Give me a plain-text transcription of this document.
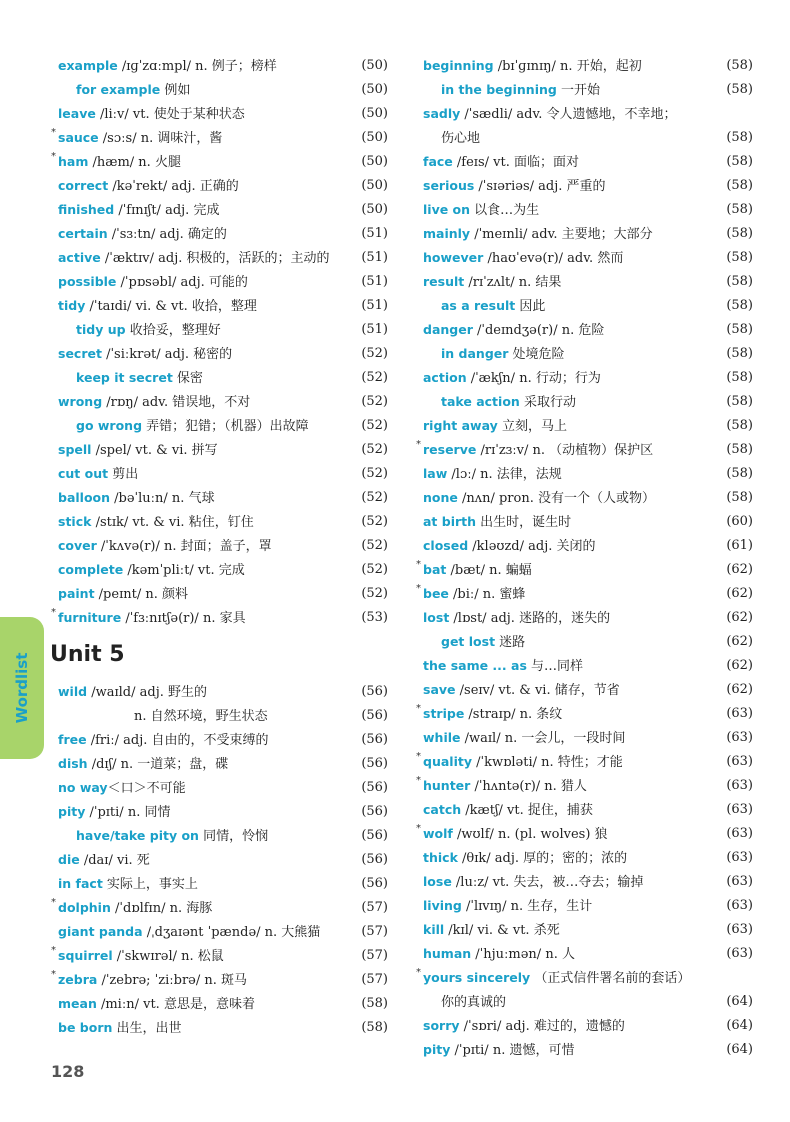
Wordlist
example /ɪɡˈzɑːmpl/ n. 例子；榜样	(50)
for example 例如	(50)
leave /liːv/ vt. 使处于某种状态	(50)
* sauce /sɔːs/ n. 调味汁，酱	(50)
* ham /hæm/ n. 火腿	(50)
correct /kəˈrekt/ adj. 正确的	(50)
finished /ˈfɪnɪʃt/ adj. 完成	(50)
certain /ˈsɜːtn/ adj. 确定的	(51)
active /ˈæktɪv/ adj. 积极的，活跃的；主动的 (51)
possible /ˈpɒsəbl/ adj. 可能的	(51)
tidy /ˈtaɪdi/ vi. & vt. 收拾，整理	(51)
tidy up 收拾妥，整理好	(51)
secret /ˈsiːkrət/ adj. 秘密的	(52)
keep it secret 保密	(52)
wrong /rɒŋ/ adv. 错误地，不对	(52)
go wrong 弄错；犯错；（机器）出故障	(52)
spell /spel/ vt. & vi. 拼写	(52)
cut out 剪出	(52)
balloon /bəˈluːn/ n. 气球	(52)
stick /stɪk/ vt. & vi. 粘住，钉住	(52)
cover /ˈkʌvə(r)/ n. 封面；盖子，罩	(52)
complete /kəmˈpliːt/ vt. 完成	(52)
paint /peɪnt/ n. 颜料	(52)
* furniture /ˈfɜːnɪtʃə(r)/ n. 家具	(53)
Unit 5
wild /waɪld/ adj. 野生的	(56)
n. 自然环境，野生状态	(56)
free /friː/ adj. 自由的，不受束缚的	(56)
dish /dɪʃ/ n. 一道菜；盘，碟	(56)
no way＜口＞不可能	(56)
pity /ˈpɪti/ n. 同情	(56)
have/take pity on 同情，怜悯	(56)
die /daɪ/ vi. 死	(56)
in fact 实际上，事实上	(56)
* dolphin /ˈdɒlfɪn/ n. 海豚	(57)
giant panda /ˌdʒaɪənt ˈpændə/ n. 大熊猫	(57)
* squirrel /ˈskwɪrəl/ n. 松鼠	(57)
* zebra /ˈzebrə; ˈziːbrə/ n. 斑马	(57)
mean /miːn/ vt. 意思是，意味着	(58)
be born 出生，出世	(58)
beginning /bɪˈɡɪnɪŋ/ n. 开始，起初	(58)
in the beginning 一开始	(58)
sadly /ˈsædli/ adv. 令人遗憾地，不幸地；
伤心地	(58)
face /feɪs/ vt. 面临；面对	(58)
serious /ˈsɪəriəs/ adj. 严重的	(58)
live on 以食…为生	(58)
mainly /ˈmeɪnli/ adv. 主要地；大部分	(58)
however /haʊˈevə(r)/ adv. 然而	(58)
result /rɪˈzʌlt/ n. 结果	(58)
as a result 因此	(58)
danger /ˈdeɪndʒə(r)/ n. 危险	(58)
in danger 处境危险	(58)
action /ˈækʃn/ n. 行动；行为	(58)
take action 采取行动	(58)
right away 立刻，马上	(58)
* reserve /rɪˈzɜːv/ n. （动植物）保护区	(58)
law /lɔː/ n. 法律，法规	(58)
none /nʌn/ pron. 没有一个（人或物）	(58)
at birth 出生时，诞生时	(60)
closed /kləʊzd/ adj. 关闭的	(61)
* bat /bæt/ n. 蝙蝠	(62)
* bee /biː/ n. 蜜蜂	(62)
lost /lɒst/ adj. 迷路的，迷失的	(62)
get lost 迷路	(62)
the same ... as 与…同样	(62)
save /seɪv/ vt. & vi. 储存，节省	(62)
* stripe /straɪp/ n. 条纹	(63)
while /waɪl/ n. 一会儿，一段时间	(63)
* quality /ˈkwɒləti/ n. 特性；才能	(63)
* hunter /ˈhʌntə(r)/ n. 猎人	(63)
catch /kætʃ/ vt. 捉住，捕获	(63)
* wolf /wʊlf/ n. (pl. wolves) 狼	(63)
thick /θɪk/ adj. 厚的；密的；浓的	(63)
lose /luːz/ vt. 失去，被…夺去；输掉	(63)
living /ˈlɪvɪŋ/ n. 生存，生计	(63)
kill /kɪl/ vi. & vt. 杀死	(63)
human /ˈhjuːmən/ n. 人	(63)
* yours sincerely （正式信件署名前的套话）
你的真诚的	(64)
sorry /ˈsɒri/ adj. 难过的，遗憾的	(64)
pity /ˈpɪti/ n. 遗憾，可惜	(64)
128
